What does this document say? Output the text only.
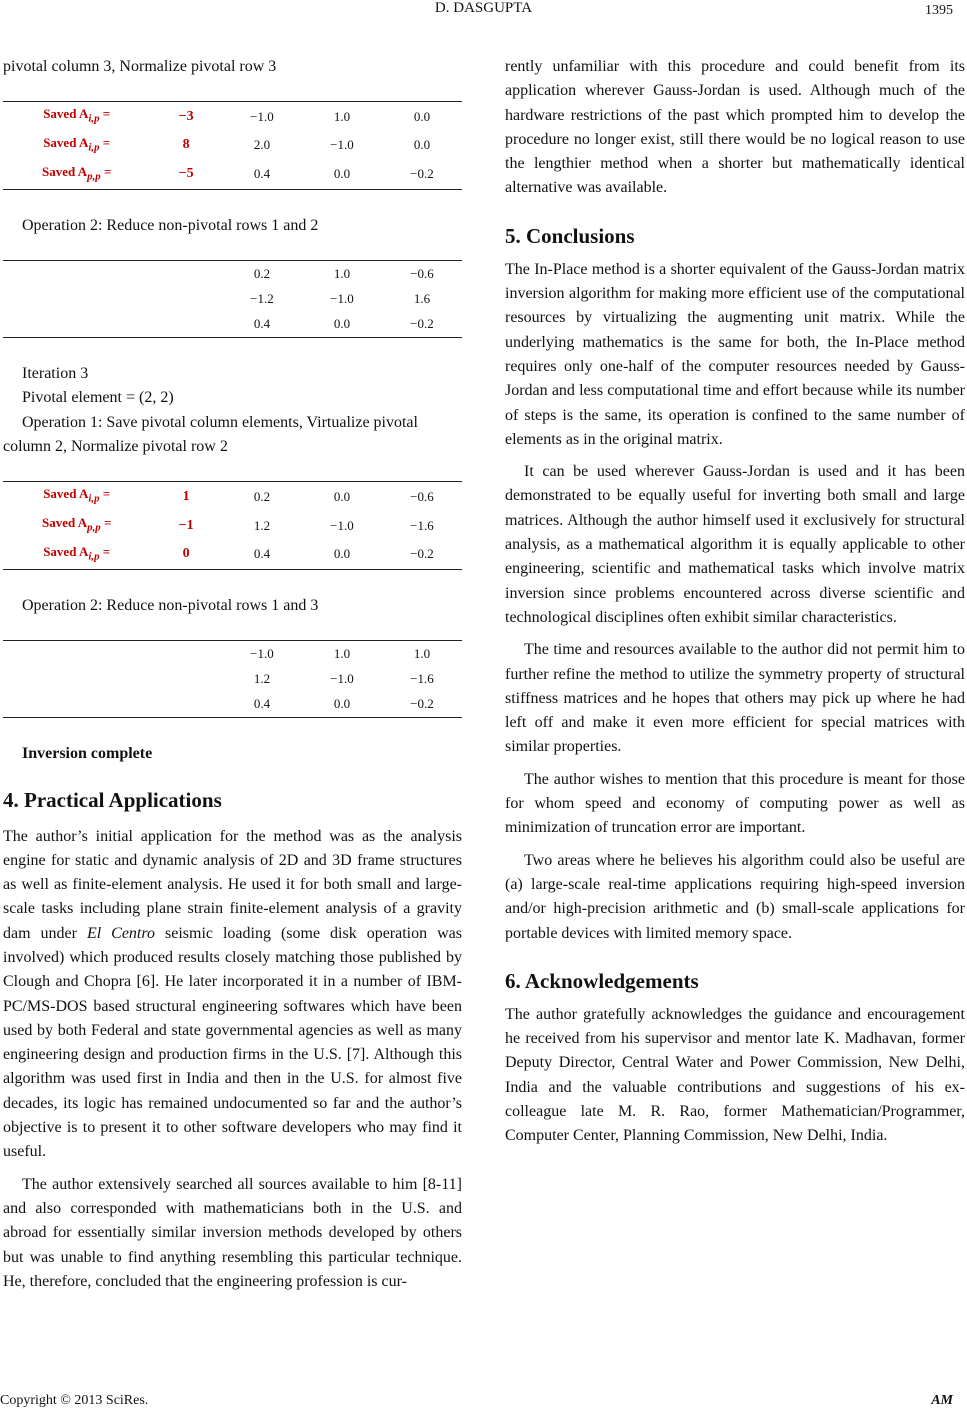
D. DASGUPTA	1395

pivotal column 3, Normalize pivotal row 3

Saved $A_{i,p}$ =	−3	−1.0	1.0	0.0
Saved $A_{i,p}$ =	8	2.0	−1.0	0.0
Saved $A_{p,p}$ =	−5	0.4	0.0	−0.2

Operation 2: Reduce non-pivotal rows 1 and 2

		0.2	1.0	−0.6
		−1.2	−1.0	1.6
		0.4	0.0	−0.2

Iteration 3

Pivotal element = (2, 2)

Operation 1: Save pivotal column elements, Virtualize pivotal column 2, Normalize pivotal row 2

Saved $A_{i,p}$ =	1	0.2	0.0	−0.6
Saved $A_{p,p}$ =	−1	1.2	−1.0	−1.6
Saved $A_{i,p}$ =	0	0.4	0.0	−0.2

Operation 2: Reduce non-pivotal rows 1 and 3

		−1.0	1.0	1.0
		1.2	−1.0	−1.6
		0.4	0.0	−0.2

Inversion complete

4. Practical Applications

The author’s initial application for the method was as the analysis engine for static and dynamic analysis of 2D and 3D frame structures as well as finite-element analysis. He used it for both small and large-scale tasks including plane strain finite-element analysis of a gravity dam under El Centro seismic loading (some disk operation was involved) which produced results closely matching those published by Clough and Chopra [6]. He later incorporated it in a number of IBM-PC/MS-DOS based structural engineering softwares which have been used by both Federal and state governmental agencies as well as many engineering design and production firms in the U.S. [7]. Although this algorithm was used first in India and then in the U.S. for almost five decades, its logic has remained undocumented so far and the author’s objective is to present it to other software developers who may find it useful.

The author extensively searched all sources available to him [8-11] and also corresponded with mathematicians both in the U.S. and abroad for essentially similar inversion methods developed by others but was unable to find anything resembling this particular technique. He, therefore, concluded that the engineering profession is cur-

rently unfamiliar with this procedure and could benefit from its application wherever Gauss-Jordan is used. Although much of the hardware restrictions of the past which prompted him to develop the procedure no longer exist, still there would be no logical reason to use the lengthier method when a shorter but mathematically identical alternative was available.

5. Conclusions

The In-Place method is a shorter equivalent of the Gauss-Jordan matrix inversion algorithm for making more efficient use of the computational resources by virtualizing the augmenting unit matrix. While the underlying mathematics is the same for both, the In-Place method requires only one-half of the computer resources needed by Gauss-Jordan and less computational time and effort because while its number of steps is the same, its operation is confined to the same number of elements as in the original matrix.

It can be used wherever Gauss-Jordan is used and it has been demonstrated to be equally useful for inverting both small and large matrices. Although the author himself used it exclusively for structural analysis, as a mathematical algorithm it is equally applicable to other engineering, scientific and mathematical tasks which involve matrix inversion since problems encountered across diverse scientific and technological disciplines often exhibit similar characteristics.

The time and resources available to the author did not permit him to further refine the method to utilize the symmetry property of structural stiffness matrices and he hopes that others may pick up where he had left off and make it even more efficient for special matrices with similar properties.

The author wishes to mention that this procedure is meant for those for whom speed and economy of computing power as well as minimization of truncation error are important.

Two areas where he believes his algorithm could also be useful are (a) large-scale real-time applications requiring high-speed inversion and/or high-precision arithmetic and (b) small-scale applications for portable devices with limited memory space.

6. Acknowledgements

The author gratefully acknowledges the guidance and encouragement he received from his supervisor and mentor late K. Madhavan, former Deputy Director, Central Water and Power Commission, New Delhi, India and the valuable contributions and suggestions of his ex-colleague late M. R. Rao, former Mathematician/Programmer, Computer Center, Planning Commission, New Delhi, India.

Copyright © 2013 SciRes.	AM
